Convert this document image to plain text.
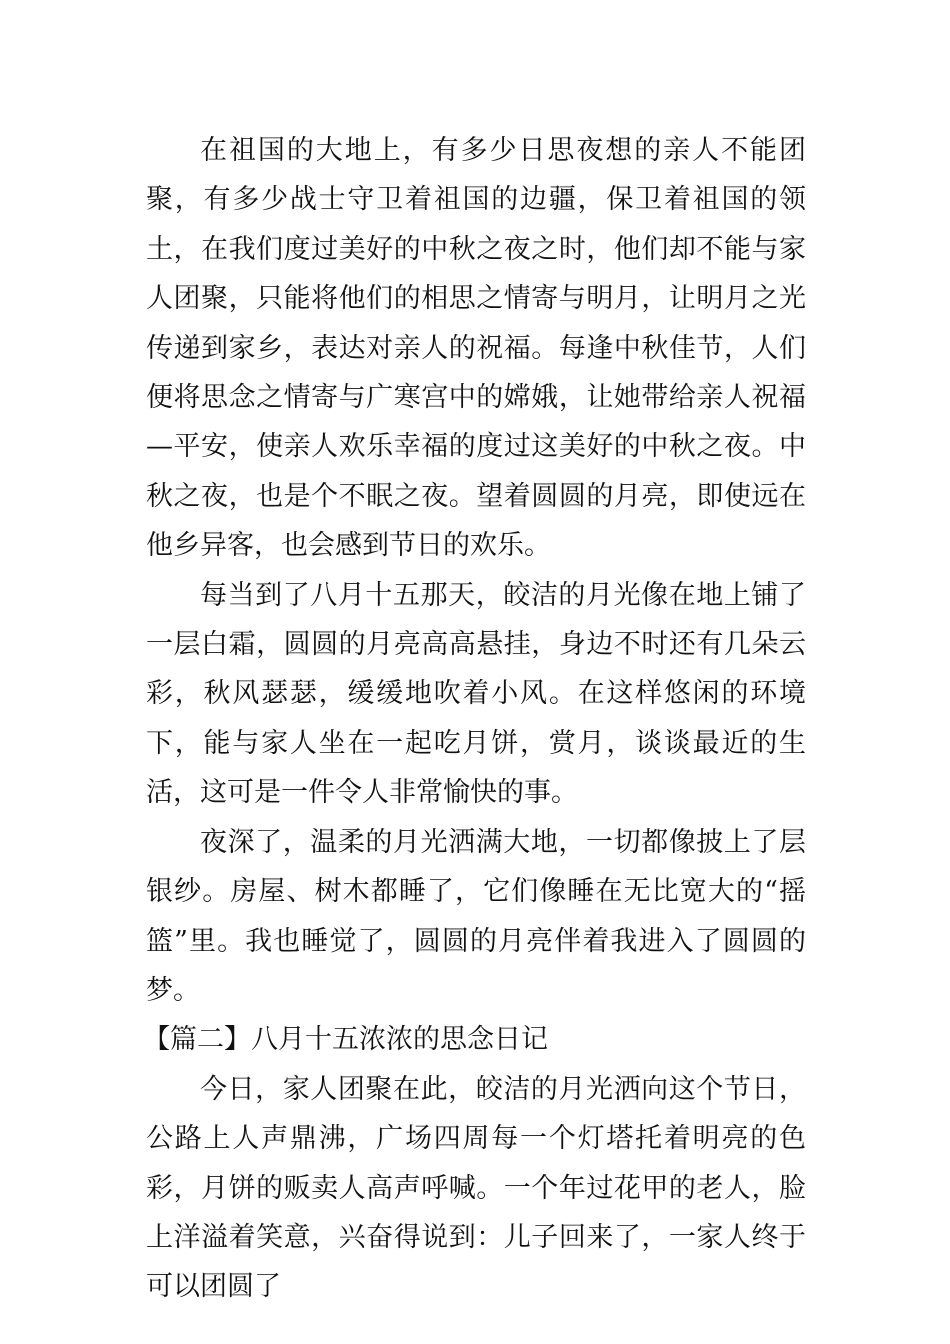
在祖国的大地上，有多少日思夜想的亲人不能团聚，有多少战士守卫着祖国的边疆，保卫着祖国的领土，在我们度过美好的中秋之夜之时，他们却不能与家人团聚，只能将他们的相思之情寄与明月，让明月之光传递到家乡，表达对亲人的祝福。每逢中秋佳节，人们便将思念之情寄与广寒宫中的嫦娥，让她带给亲人祝福—平安，使亲人欢乐幸福的度过这美好的中秋之夜。中秋之夜，也是个不眠之夜。望着圆圆的月亮，即使远在他乡异客，也会感到节日的欢乐。

每当到了八月十五那天，皎洁的月光像在地上铺了一层白霜，圆圆的月亮高高悬挂，身边不时还有几朵云彩，秋风瑟瑟，缓缓地吹着小风。在这样悠闲的环境下，能与家人坐在一起吃月饼，赏月，谈谈最近的生活，这可是一件令人非常愉快的事。

夜深了，温柔的月光洒满大地，一切都像披上了层银纱。房屋、树木都睡了，它们像睡在无比宽大的“摇篮”里。我也睡觉了，圆圆的月亮伴着我进入了圆圆的梦。

【篇二】八月十五浓浓的思念日记

今日，家人团聚在此，皎洁的月光洒向这个节日，公路上人声鼎沸，广场四周每一个灯塔托着明亮的色彩，月饼的贩卖人高声呼喊。一个年过花甲的老人，脸上洋溢着笑意，兴奋得说到：儿子回来了，一家人终于可以团圆了
